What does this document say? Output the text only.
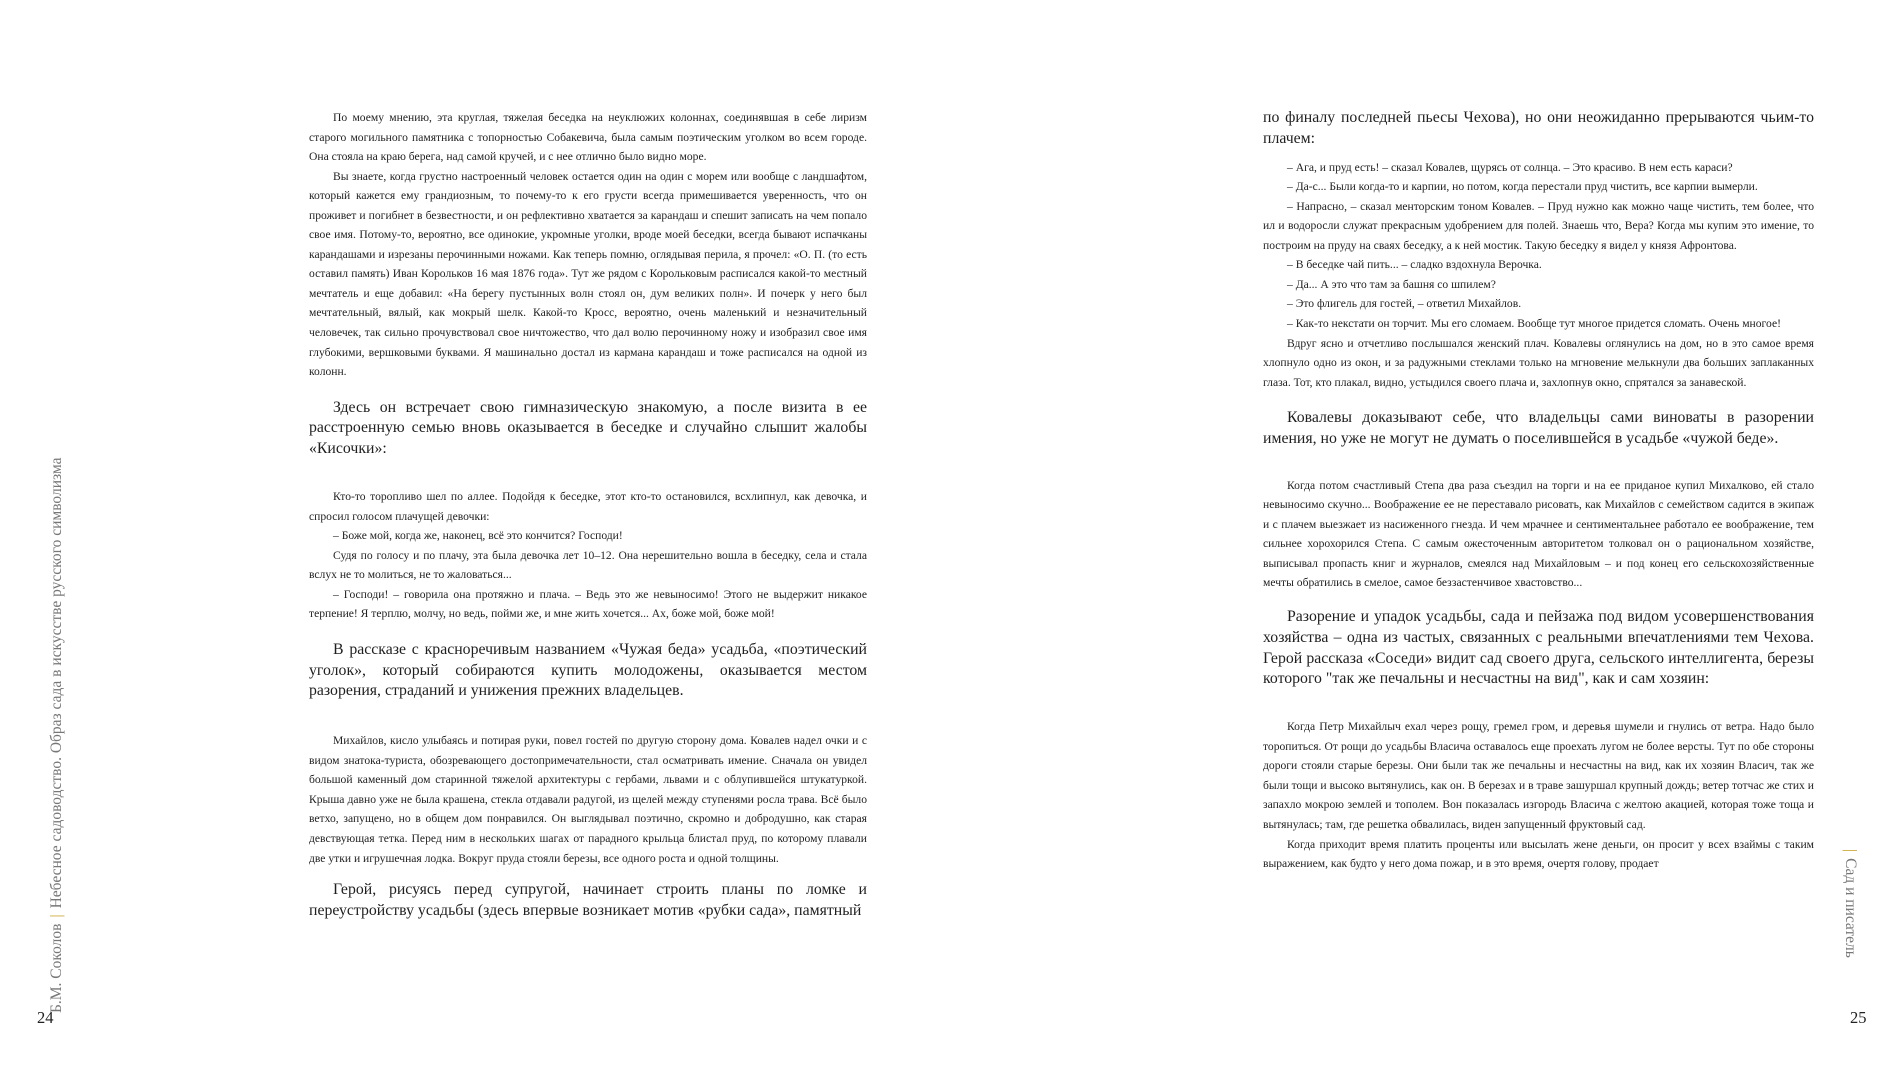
Б.М. Соколов|Небесное садоводство. Образ сада в искусстве русского символизма	|Сад и писатель
24	25

По моему мнению, эта круглая, тяжелая беседка на неуклюжих колоннах, соединявшая в себе лиризм старого могильного памятника с топорностью Собакевича, была самым поэтическим уголком во всем городе. Она стояла на краю берега, над самой кручей, и с нее отлично было видно море.

Вы знаете, когда грустно настроенный человек остается один на один с морем или вообще с ландшафтом, который кажется ему грандиозным, то почему-то к его грусти всегда примешивается уверенность, что он проживет и погибнет в безвестности, и он рефлективно хватается за карандаш и спешит записать на чем попало свое имя. Потому-то, вероятно, все одинокие, укромные уголки, вроде моей беседки, всегда бывают испачканы карандашами и изрезаны перочинными ножами. Как теперь помню, оглядывая перила, я прочел: «О. П. (то есть оставил память) Иван Корольков 16 мая 1876 года». Тут же рядом с Корольковым расписался какой-то местный мечтатель и еще добавил: «На берегу пустынных волн стоял он, дум великих полн». И почерк у него был мечтательный, вялый, как мокрый шелк. Какой-то Кросс, вероятно, очень маленький и незначительный человечек, так сильно прочувствовал свое ничтожество, что дал волю перочинному ножу и изобразил свое имя глубокими, вершковыми буквами. Я машинально достал из кармана карандаш и тоже расписался на одной из колонн.

Здесь он встречает свою гимназическую знакомую, а после визита в ее расстроенную семью вновь оказывается в беседке и случайно слышит жалобы «Кисочки»:

Кто-то торопливо шел по аллее. Подойдя к беседке, этот кто-то остановился, всхлипнул, как девочка, и спросил голосом плачущей девочки:

– Боже мой, когда же, наконец, всё это кончится? Господи!

Судя по голосу и по плачу, эта была девочка лет 10–12. Она нерешительно вошла в беседку, села и стала вслух не то молиться, не то жаловаться...

– Господи! – говорила она протяжно и плача. – Ведь это же невыносимо! Этого не выдержит никакое терпение! Я терплю, молчу, но ведь, пойми же, и мне жить хочется... Ах, боже мой, боже мой!

В рассказе с красноречивым названием «Чужая беда» усадьба, «поэтический уголок», который собираются купить молодожены, оказывается местом разорения, страданий и унижения прежних владельцев.

Михайлов, кисло улыбаясь и потирая руки, повел гостей по другую сторону дома. Ковалев надел очки и с видом знатока-туриста, обозревающего достопримечательности, стал осматривать имение. Сначала он увидел большой каменный дом старинной тяжелой архитектуры с гербами, львами и с облупившейся штукатуркой. Крыша давно уже не была крашена, стекла отдавали радугой, из щелей между ступенями росла трава. Всё было ветхо, запущено, но в общем дом понравился. Он выглядывал поэтично, скромно и добродушно, как старая девствующая тетка. Перед ним в нескольких шагах от парадного крыльца блистал пруд, по которому плавали две утки и игрушечная лодка. Вокруг пруда стояли березы, все одного роста и одной толщины.

Герой, рисуясь перед супругой, начинает строить планы по ломке и переустройству усадьбы (здесь впервые возникает мотив «рубки сада», памятный

по финалу последней пьесы Чехова), но они неожиданно прерываются чьим-то плачем:

– Ага, и пруд есть! – сказал Ковалев, щурясь от солнца. – Это красиво. В нем есть караси?

– Да-с... Были когда-то и карпии, но потом, когда перестали пруд чистить, все карпии вымерли.

– Напрасно, – сказал менторским тоном Ковалев. – Пруд нужно как можно чаще чистить, тем более, что ил и водоросли служат прекрасным удобрением для полей. Знаешь что, Вера? Когда мы купим это имение, то построим на пруду на сваях беседку, а к ней мостик. Такую беседку я видел у князя Афронтова.

– В беседке чай пить... – сладко вздохнула Верочка.

– Да... А это что там за башня со шпилем?

– Это флигель для гостей, – ответил Михайлов.

– Как-то некстати он торчит. Мы его сломаем. Вообще тут многое придется сломать. Очень многое!

Вдруг ясно и отчетливо послышался женский плач. Ковалевы оглянулись на дом, но в это самое время хлопнуло одно из окон, и за радужными стеклами только на мгновение мелькнули два больших заплаканных глаза. Тот, кто плакал, видно, устыдился своего плача и, захлопнув окно, спрятался за занавеской.

Ковалевы доказывают себе, что владельцы сами виноваты в разорении имения, но уже не могут не думать о поселившейся в усадьбе «чужой беде».

Когда потом счастливый Степа два раза съездил на торги и на ее приданое купил Михалково, ей стало невыносимо скучно... Воображение ее не переставало рисовать, как Михайлов с семейством садится в экипаж и с плачем выезжает из насиженного гнезда. И чем мрачнее и сентиментальнее работало ее воображение, тем сильнее хорохорился Степа. С самым ожесточенным авторитетом толковал он о рациональном хозяйстве, выписывал пропасть книг и журналов, смеялся над Михайловым – и под конец его сельскохозяйственные мечты обратились в смелое, самое беззастенчивое хвастовство...

Разорение и упадок усадьбы, сада и пейзажа под видом усовершенствования хозяйства – одна из частых, связанных с реальными впечатлениями тем Чехова. Герой рассказа «Соседи» видит сад своего друга, сельского интеллигента, березы которого "так же печальны и несчастны на вид", как и сам хозяин:

Когда Петр Михайлыч ехал через рощу, гремел гром, и деревья шумели и гнулись от ветра. Надо было торопиться. От рощи до усадьбы Власича оставалось еще проехать лугом не более версты. Тут по обе стороны дороги стояли старые березы. Они были так же печальны и несчастны на вид, как их хозяин Власич, так же были тощи и высоко вытянулись, как он. В березах и в траве зашуршал крупный дождь; ветер тотчас же стих и запахло мокрою землей и тополем. Вон показалась изгородь Власича с желтою акацией, которая тоже тоща и вытянулась; там, где решетка обвалилась, виден запущенный фруктовый сад.

Когда приходит время платить проценты или высылать жене деньги, он просит у всех взаймы с таким выражением, как будто у него дома пожар, и в это время, очертя голову, продает
